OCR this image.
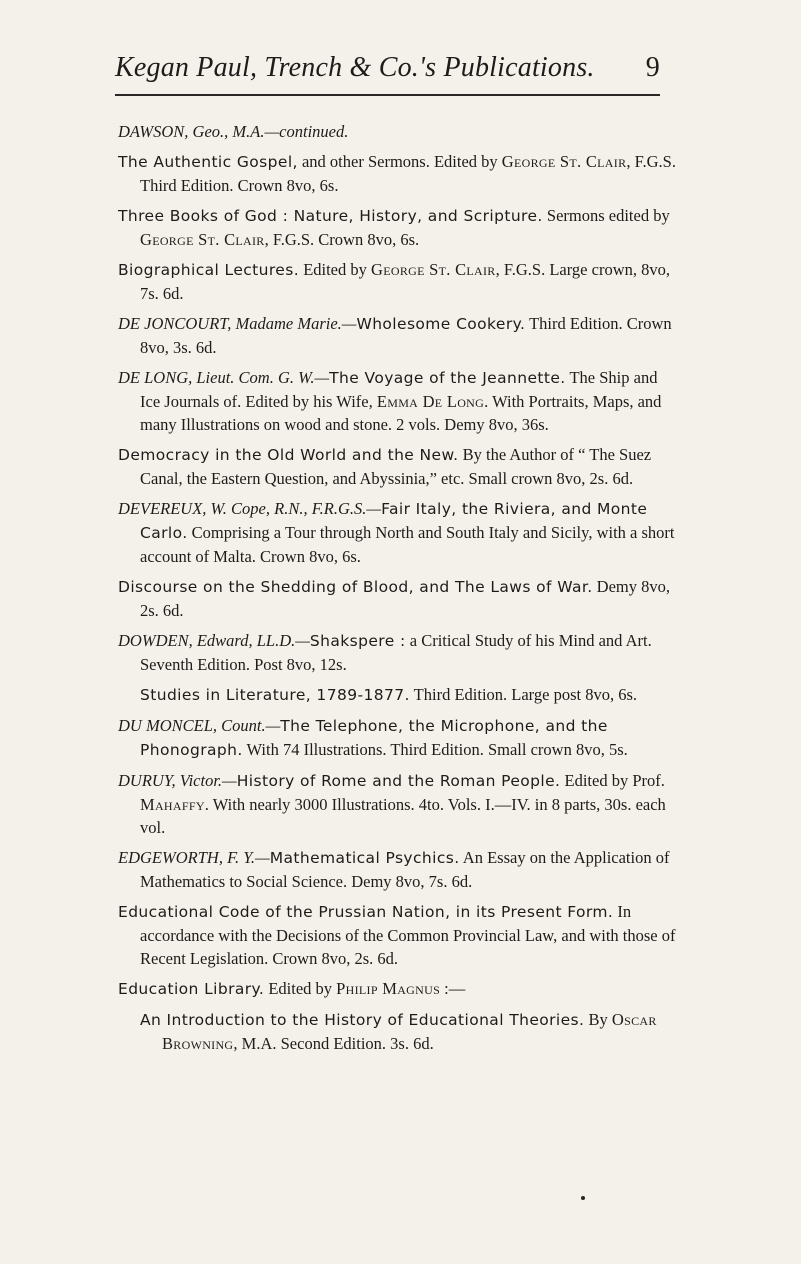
Kegan Paul, Trench & Co.'s Publications. 9

DAWSON, Geo., M.A.—continued.

The Authentic Gospel, and other Sermons. Edited by George St. Clair, F.G.S. Third Edition. Crown 8vo, 6s.

Three Books of God : Nature, History, and Scripture. Sermons edited by George St. Clair, F.G.S. Crown 8vo, 6s.

Biographical Lectures. Edited by George St. Clair, F.G.S. Large crown, 8vo, 7s. 6d.

DE JONCOURT, Madame Marie.—Wholesome Cookery. Third Edition. Crown 8vo, 3s. 6d.

DE LONG, Lieut. Com. G. W.—The Voyage of the Jeannette. The Ship and Ice Journals of. Edited by his Wife, Emma De Long. With Portraits, Maps, and many Illustrations on wood and stone. 2 vols. Demy 8vo, 36s.

Democracy in the Old World and the New. By the Author of “ The Suez Canal, the Eastern Question, and Abyssinia,” etc. Small crown 8vo, 2s. 6d.

DEVEREUX, W. Cope, R.N., F.R.G.S.—Fair Italy, the Riviera, and Monte Carlo. Comprising a Tour through North and South Italy and Sicily, with a short account of Malta. Crown 8vo, 6s.

Discourse on the Shedding of Blood, and The Laws of War. Demy 8vo, 2s. 6d.

DOWDEN, Edward, LL.D.—Shakspere : a Critical Study of his Mind and Art. Seventh Edition. Post 8vo, 12s.

Studies in Literature, 1789-1877. Third Edition. Large post 8vo, 6s.

DU MONCEL, Count.—The Telephone, the Microphone, and the Phonograph. With 74 Illustrations. Third Edition. Small crown 8vo, 5s.

DURUY, Victor.—History of Rome and the Roman People. Edited by Prof. Mahaffy. With nearly 3000 Illustrations. 4to. Vols. I.—IV. in 8 parts, 30s. each vol.

EDGEWORTH, F. Y.—Mathematical Psychics. An Essay on the Application of Mathematics to Social Science. Demy 8vo, 7s. 6d.

Educational Code of the Prussian Nation, in its Present Form. In accordance with the Decisions of the Common Provincial Law, and with those of Recent Legislation. Crown 8vo, 2s. 6d.

Education Library. Edited by Philip Magnus :—

An Introduction to the History of Educational Theories. By Oscar Browning, M.A. Second Edition. 3s. 6d.
